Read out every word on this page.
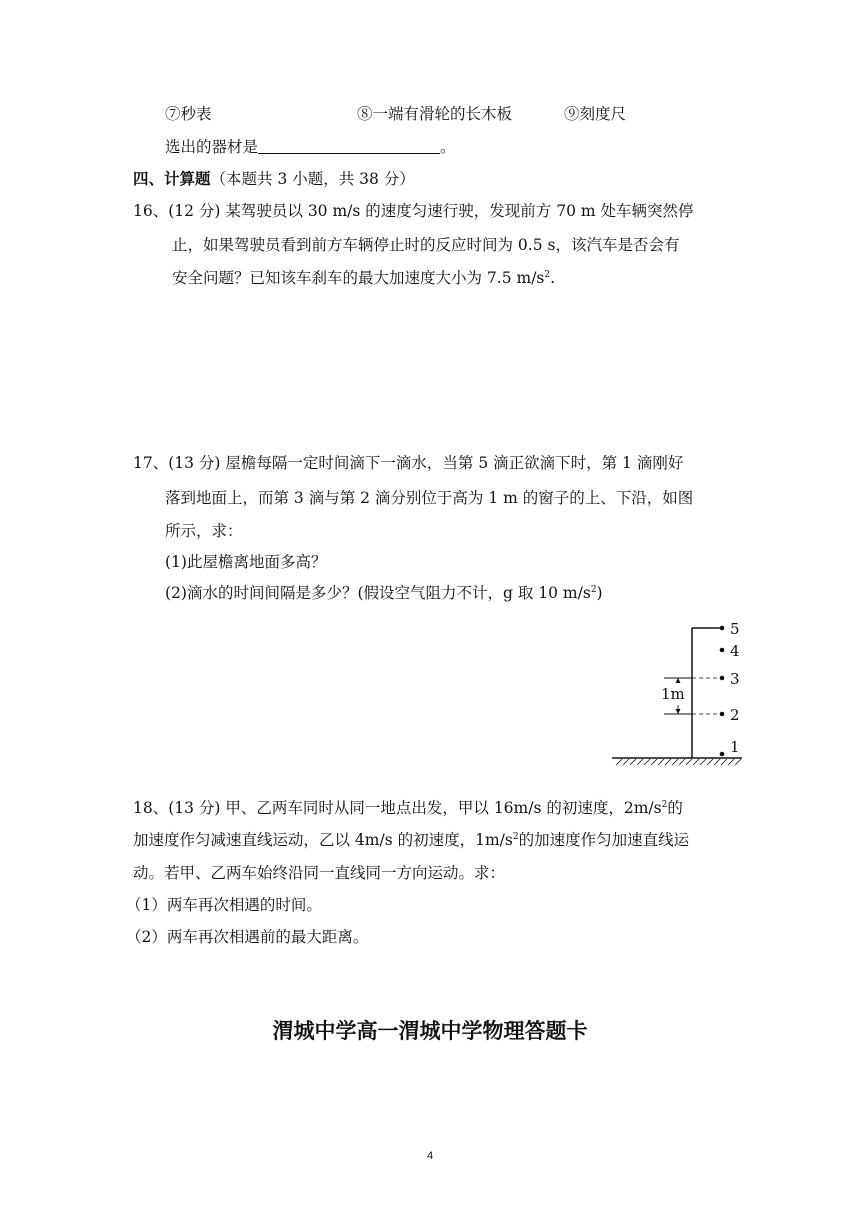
⑦秒表	⑧一端有滑轮的长木板	⑨刻度尺
选出的器材是	。
四、计算题（本题共 3 小题，共 38 分）
16、(12 分) 某驾驶员以 30 m/s 的速度匀速行驶，发现前方 70 m 处车辆突然停
止，如果驾驶员看到前方车辆停止时的反应时间为 0.5 s，该汽车是否会有
安全问题？已知该车刹车的最大加速度大小为 7.5 $m/s^2$.
17、(13 分) 屋檐每隔一定时间滴下一滴水，当第 5 滴正欲滴下时，第 1 滴刚好
落到地面上，而第 3 滴与第 2 滴分别位于高为 1 m 的窗子的上、下沿，如图
所示，求：
(1)此屋檐离地面多高？
(2)滴水的时间间隔是多少？(假设空气阻力不计，g 取 10 $m/s^2$)
1m
5
4
3
2
1
18、(13 分) 甲、乙两车同时从同一地点出发，甲以 16m/s 的初速度，$2m/s^2$的
加速度作匀减速直线运动，乙以 4m/s 的初速度，$1m/s^2$的加速度作匀加速直线运
动。若甲、乙两车始终沿同一直线同一方向运动。求：
（1）两车再次相遇的时间。
（2）两车再次相遇前的最大距离。
渭城中学高一渭城中学物理答题卡
4
